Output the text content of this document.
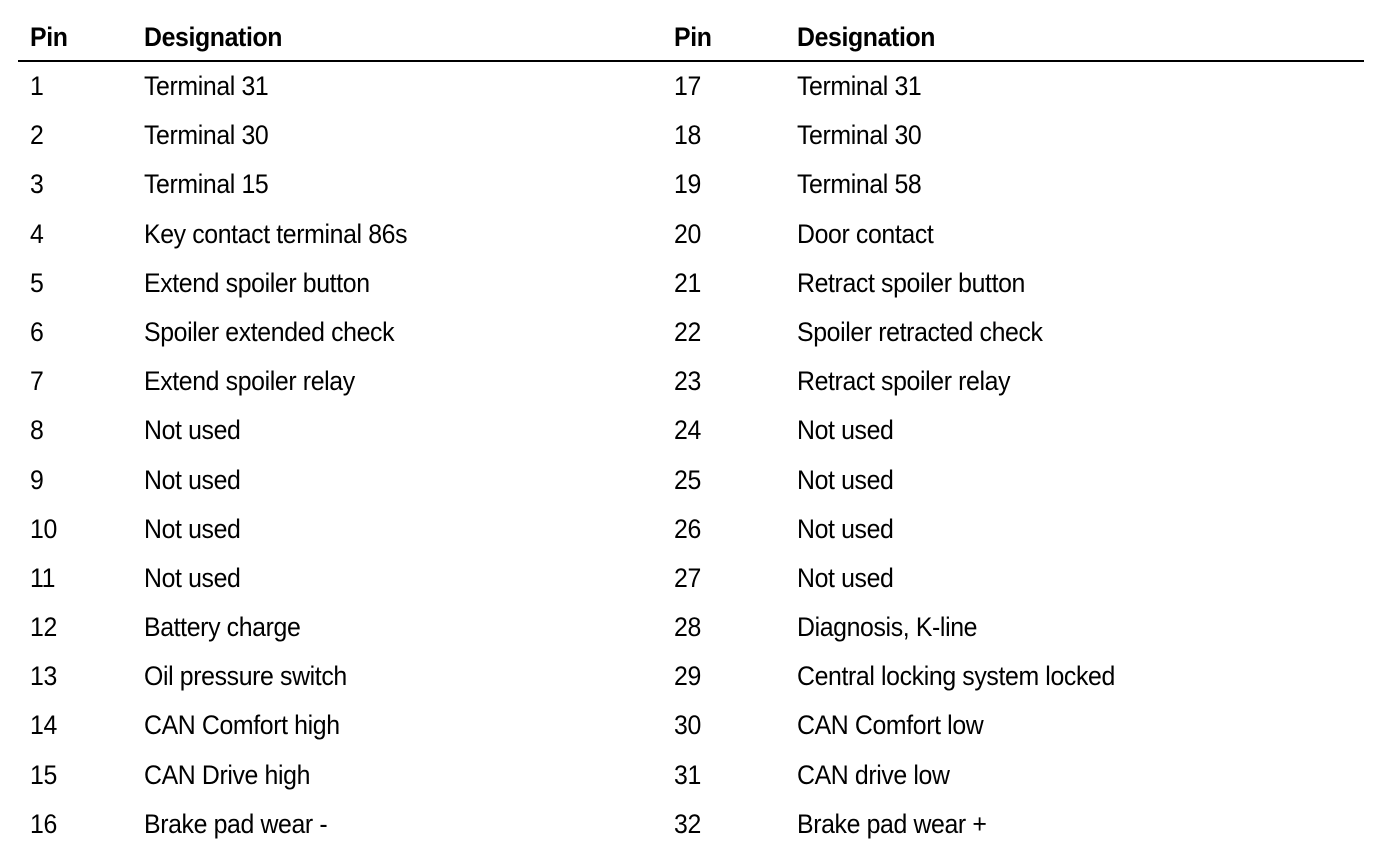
Pin	Designation	Pin	Designation
1	Terminal 31	17	Terminal 31
2	Terminal 30	18	Terminal 30
3	Terminal 15	19	Terminal 58
4	Key contact terminal 86s	20	Door contact
5	Extend spoiler button	21	Retract spoiler button
6	Spoiler extended check	22	Spoiler retracted check
7	Extend spoiler relay	23	Retract spoiler relay
8	Not used	24	Not used
9	Not used	25	Not used
10	Not used	26	Not used
11	Not used	27	Not used
12	Battery charge	28	Diagnosis, K-line
13	Oil pressure switch	29	Central locking system locked
14	CAN Comfort high	30	CAN Comfort low
15	CAN Drive high	31	CAN drive low
16	Brake pad wear -	32	Brake pad wear +
